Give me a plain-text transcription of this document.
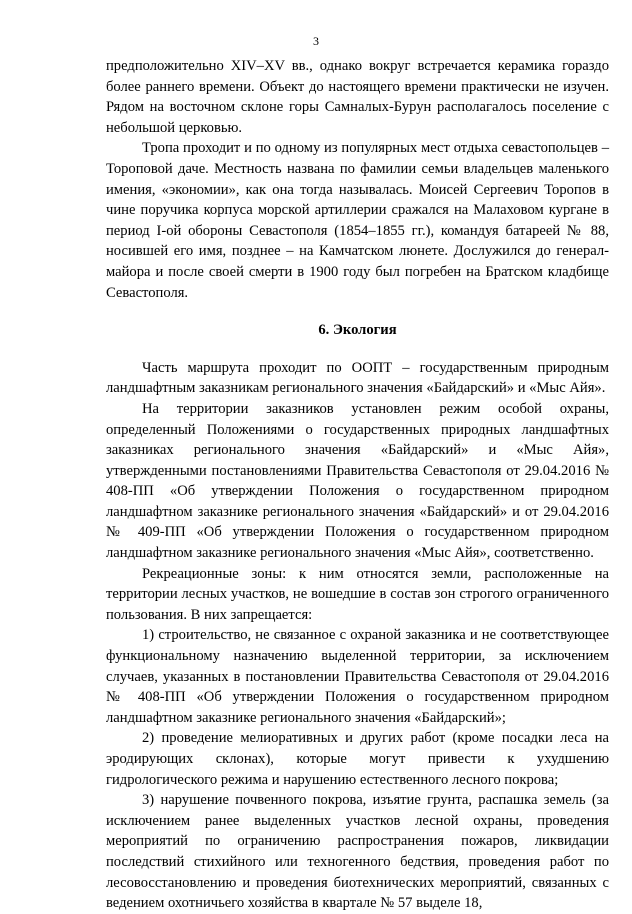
3

предположительно XIV–XV вв., однако вокруг встречается керамика гораздо более раннего времени. Объект до настоящего времени практически не изучен. Рядом на восточном склоне горы Самналых-Бурун располагалось поселение с небольшой церковью.

Тропа проходит и по одному из популярных мест отдыха севастопольцев – Тороповой даче. Местность названа по фамилии семьи владельцев маленького имения, «экономии», как она тогда называлась. Моисей Сергеевич Торопов в чине поручика корпуса морской артиллерии сражался на Малаховом кургане в период I-ой обороны Севастополя (1854–1855 гг.), командуя батареей № 88, носившей его имя, позднее – на Камчатском люнете. Дослужился до генерал-майора и после своей смерти в 1900 году был погребен на Братском кладбище Севастополя.

6. Экология

Часть маршрута проходит по ООПТ – государственным природным ландшафтным заказникам регионального значения «Байдарский» и «Мыс Айя».

На территории заказников установлен режим особой охраны, определенный Положениями о государственных природных ландшафтных заказниках регионального значения «Байдарский» и «Мыс Айя», утвержденными постановлениями Правительства Севастополя от 29.04.2016 № 408-ПП «Об утверждении Положения о государственном природном ландшафтном заказнике регионального значения «Байдарский» и от 29.04.2016 № 409-ПП «Об утверждении Положения о государственном природном ландшафтном заказнике регионального значения «Мыс Айя», соответственно.

Рекреационные зоны: к ним относятся земли, расположенные на территории лесных участков, не вошедшие в состав зон строгого ограниченного пользования. В них запрещается:

1) строительство, не связанное с охраной заказника и не соответствующее функциональному назначению выделенной территории, за исключением случаев, указанных в постановлении Правительства Севастополя от 29.04.2016 № 408-ПП «Об утверждении Положения о государственном природном ландшафтном заказнике регионального значения «Байдарский»;

2) проведение мелиоративных и других работ (кроме посадки леса на эродирующих склонах), которые могут привести к ухудшению гидрологического режима и нарушению естественного лесного покрова;

3) нарушение почвенного покрова, изъятие грунта, распашка земель (за исключением ранее выделенных участков лесной охраны, проведения мероприятий по ограничению распространения пожаров, ликвидации последствий стихийного или техногенного бедствия, проведения работ по лесовосстановлению и проведения биотехнических мероприятий, связанных с ведением охотничьего хозяйства в квартале № 57 выделе 18,
